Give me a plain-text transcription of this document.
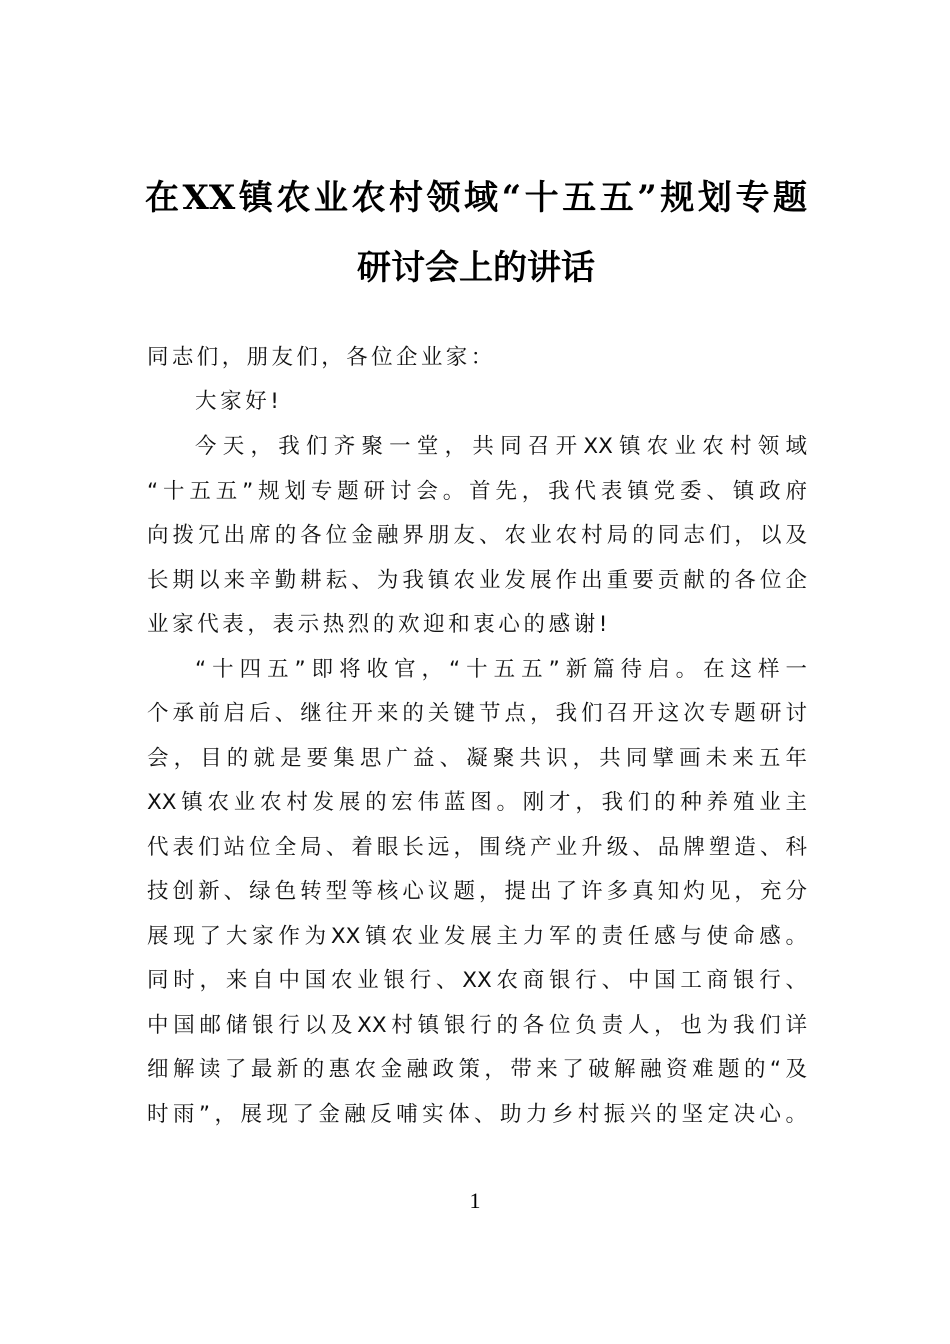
在XX镇农业农村领域“十五五”规划专题
研讨会上的讲话
同志们，朋友们，各位企业家：
大家好!
今天，我们齐聚一堂，共同召开XX镇农业农村领域
“十五五”规划专题研讨会。首先，我代表镇党委、镇政府
向拨冗出席的各位金融界朋友、农业农村局的同志们，以及
长期以来辛勤耕耘、为我镇农业发展作出重要贡献的各位企
业家代表，表示热烈的欢迎和衷心的感谢!
“十四五”即将收官，“十五五”新篇待启。在这样一
个承前启后、继往开来的关键节点，我们召开这次专题研讨
会，目的就是要集思广益、凝聚共识，共同擘画未来五年
XX镇农业农村发展的宏伟蓝图。刚才，我们的种养殖业主
代表们站位全局、着眼长远，围绕产业升级、品牌塑造、科
技创新、绿色转型等核心议题，提出了许多真知灼见，充分
展现了大家作为XX镇农业发展主力军的责任感与使命感。
同时，来自中国农业银行、XX农商银行、中国工商银行、
中国邮储银行以及XX村镇银行的各位负责人，也为我们详
细解读了最新的惠农金融政策，带来了破解融资难题的“及
时雨”，展现了金融反哺实体、助力乡村振兴的坚定决心。
1
